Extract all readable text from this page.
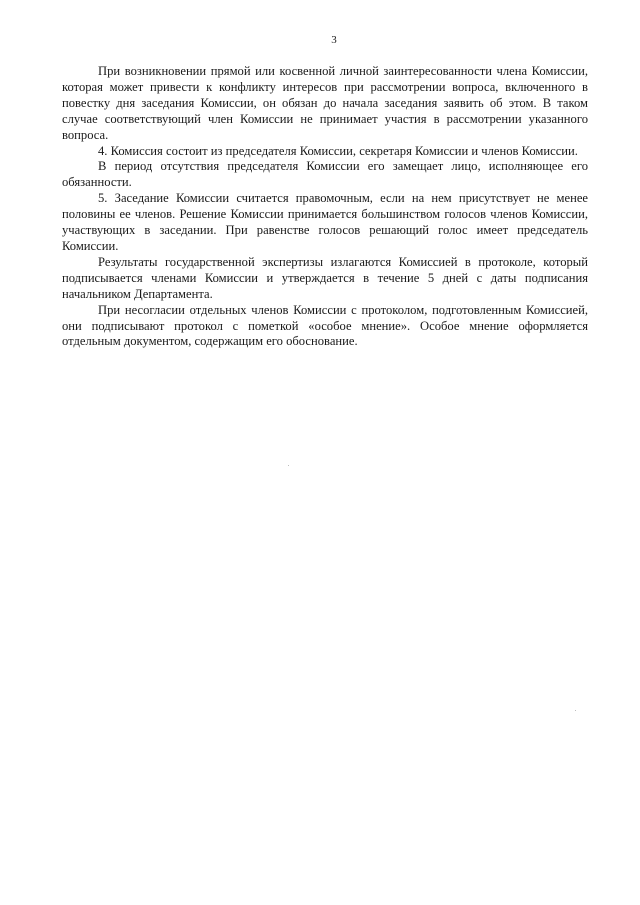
3

При возникновении прямой или косвенной личной заинтересованности члена Комиссии, которая может привести к конфликту интересов при рассмотрении вопроса, включенного в повестку дня заседания Комиссии, он обязан до начала заседания заявить об этом. В таком случае соответствующий член Комиссии не принимает участия в рассмотрении указанного вопроса.

4. Комиссия состоит из председателя Комиссии, секретаря Комиссии и членов Комиссии.

В период отсутствия председателя Комиссии его замещает лицо, исполняющее его обязанности.

5. Заседание Комиссии считается правомочным, если на нем присутствует не менее половины ее членов. Решение Комиссии принимается большинством голосов членов Комиссии, участвующих в заседании. При равенстве голосов решающий голос имеет председатель Комиссии.

Результаты государственной экспертизы излагаются Комиссией в протоколе, который подписывается членами Комиссии и утверждается в течение 5 дней с даты подписания начальником Департамента.

При несогласии отдельных членов Комиссии с протоколом, подготовленным Комиссией, они подписывают протокол с пометкой «особое мнение». Особое мнение оформляется отдельным документом, содержащим его обоснование.
